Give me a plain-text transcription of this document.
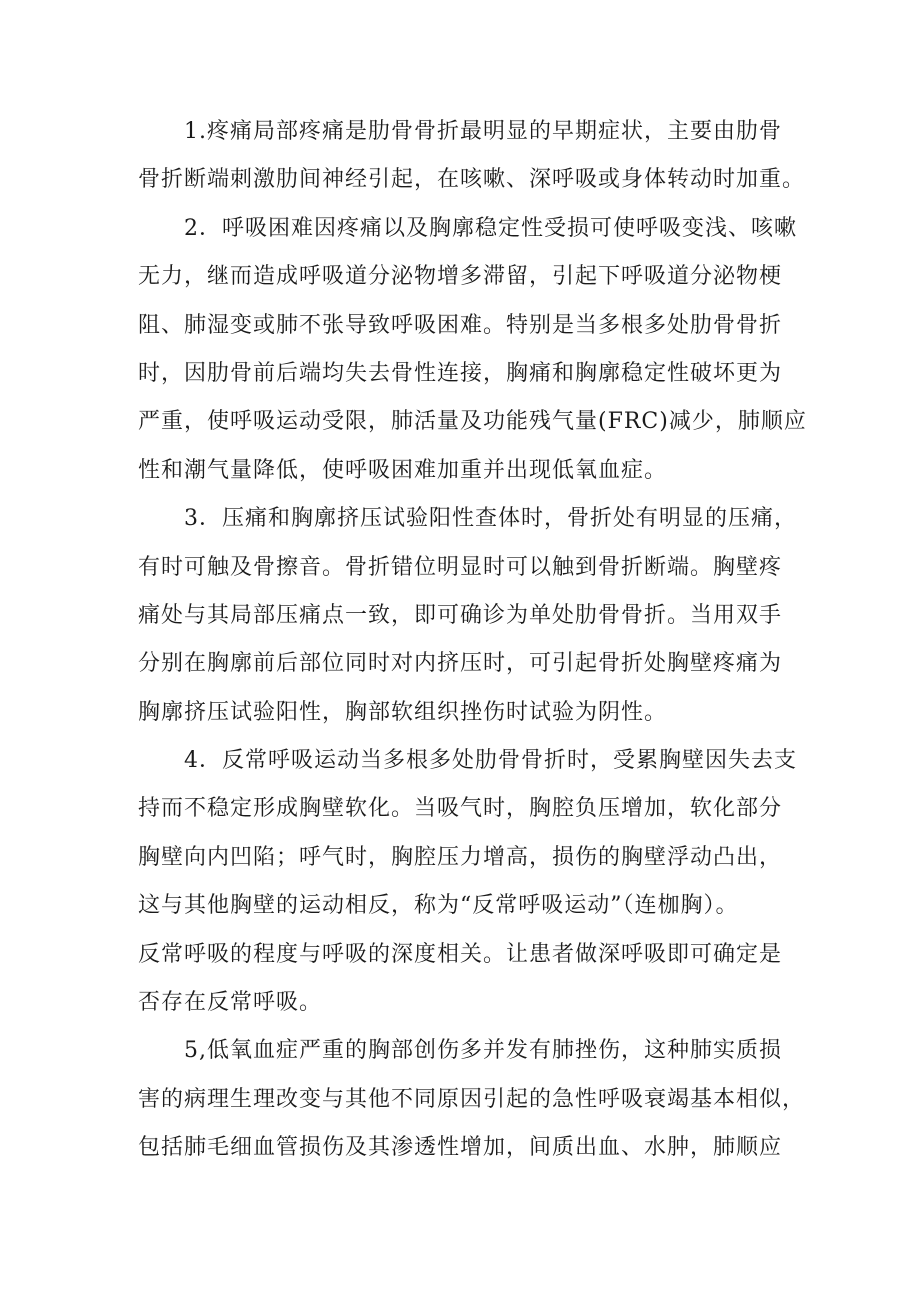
1.疼痛局部疼痛是肋骨骨折最明显的早期症状，主要由肋骨
骨折断端刺激肋间神经引起，在咳嗽、深呼吸或身体转动时加重。
2．呼吸困难因疼痛以及胸廓稳定性受损可使呼吸变浅、咳嗽
无力，继而造成呼吸道分泌物增多滞留，引起下呼吸道分泌物梗
阻、肺湿变或肺不张导致呼吸困难。特别是当多根多处肋骨骨折
时，因肋骨前后端均失去骨性连接，胸痛和胸廓稳定性破坏更为
严重，使呼吸运动受限，肺活量及功能残气量(FRC)减少，肺顺应
性和潮气量降低，使呼吸困难加重并出现低氧血症。
3．压痛和胸廓挤压试验阳性查体时，骨折处有明显的压痛，
有时可触及骨擦音。骨折错位明显时可以触到骨折断端。胸壁疼
痛处与其局部压痛点一致，即可确诊为单处肋骨骨折。当用双手
分别在胸廓前后部位同时对内挤压时，可引起骨折处胸壁疼痛为
胸廓挤压试验阳性，胸部软组织挫伤时试验为阴性。
4．反常呼吸运动当多根多处肋骨骨折时，受累胸壁因失去支
持而不稳定形成胸壁软化。当吸气时，胸腔负压增加，软化部分
胸壁向内凹陷；呼气时，胸腔压力增高，损伤的胸壁浮动凸出，
这与其他胸壁的运动相反，称为“反常呼吸运动”（连枷胸）。
反常呼吸的程度与呼吸的深度相关。让患者做深呼吸即可确定是
否存在反常呼吸。
5,低氧血症严重的胸部创伤多并发有肺挫伤，这种肺实质损
害的病理生理改变与其他不同原因引起的急性呼吸衰竭基本相似，
包括肺毛细血管损伤及其渗透性增加，间质出血、水肿，肺顺应
